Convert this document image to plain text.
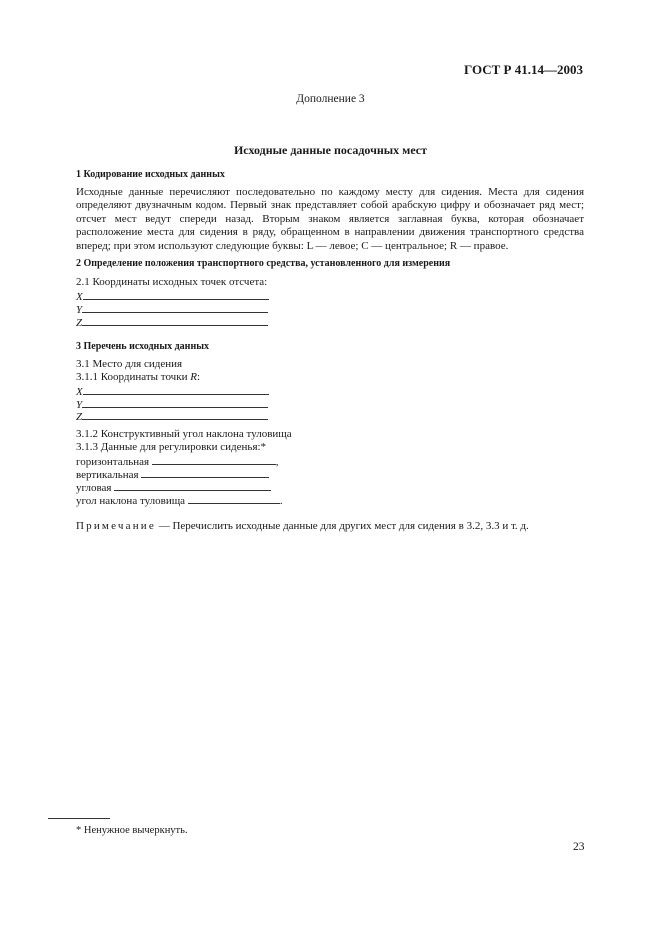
ГОСТ Р 41.14—2003
Дополнение 3
Исходные данные посадочных мест
1 Кодирование исходных данных

Исходные данные перечисляют последовательно по каждому месту для сидения. Места для сидения определяют двузначным кодом. Первый знак представляет собой арабскую цифру и обозначает ряд мест; отсчет мест ведут спереди назад. Вторым знаком является заглавная буква, которая обозначает расположение места для сидения в ряду, обращенном в направлении движения транспортного средства вперед; при этом используют следующие буквы: L — левое; C — центральное; R — правое.

2 Определение положения транспортного средства, установленного для измерения
2.1 Координаты исходных точек отсчета:
X
Y
Z
3 Перечень исходных данных
3.1 Место для сидения
3.1.1 Координаты точки R:
X
Y
Z
3.1.2 Конструктивный угол наклона туловища
3.1.3 Данные для регулировки сиденья:*
горизонтальная	,
вертикальная
угловая
угол наклона туловища	.
Примечание — Перечислить исходные данные для других мест для сидения в 3.2, 3.3 и т. д.
* Ненужное вычеркнуть.
23
